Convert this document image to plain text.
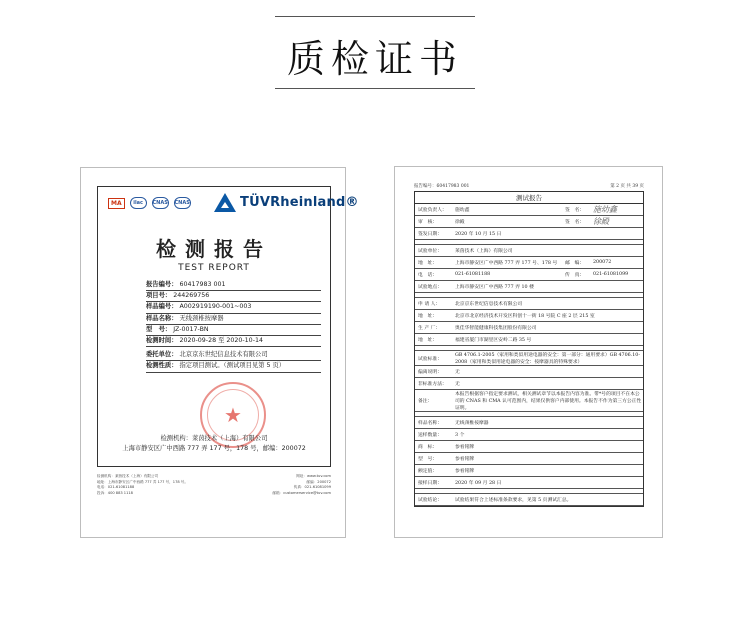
质检证书
MA	ilac	CNAS CNAS	TÜVRheinland®
检测报告
TEST REPORT
报告编号： 60417983 001
项目号： 244269756
样品编号： A002919190-001~003
样品名称： 无线颈椎按摩器
型　号： JZ-0017-BN
检测时间： 2020-09-28 至 2020-10-14
委托单位： 北京京东世纪信息技术有限公司
检测性质： 指定项目测试。（测试项目见第 5 页）
★
检测机构：莱茵技术（上海）有限公司
上海市静安区广中西路 777 弄 177 号，178 号，邮编：200072
检测机构：莱茵技术（上海）有限公司	网址：www.tuv.com
地址：上海市静安区广中西路 777 弄 177 号，178 号。	邮编：200072
电话：021-61081188	传真：021-61081099
投诉：400 883 1118	邮箱：customerservice@tuv.com
报告编号：60417983 001	第 2 页 共 39 页
测试报告
试验负责人：	施幼鑫	签　名：	施幼鑫
审　核：	徐殿	签　名：	徐殿
签发日期：	2020 年 10 月 15 日
试验单位：	莱茵技术（上海）有限公司
地　址：	上海市静安区广中西路 777 弄 177 号、178 号	邮　编：	200072
电　话：	021-61081188	传　真：	021-61081099
试验地点：	上海市静安区广中西路 777 弄 10 楼
申 请 人：	北京京东世纪信息技术有限公司
地　址：	北京市北京经济技术开发区科创十一街 18 号院 C 座 2 层 215 室
生 产 厂：	奥佳华智能健康科技集团股份有限公司
地　址：	福建省厦门市湖里区安岭二路 35 号
试验标准：
GB 4706.1-2005（家用和类似用途电器的安全：第一部分：通用要求）GB 4706.10-2008（家用和类似用途电器的安全：按摩器具的特殊要求）
偏离说明：	无
非标准方法：	无
备注：
本报告根据客户指定要求测试，相关测试章节以本报告内容为准。带*号的项目不在本公司的 CNAS 和 CMA 认可范围内，结果仅供客户内部使用。本报告不作为第三方公正性证明。
样品名称：	无线颈椎按摩器
送样数量：	3 个
商　标：	参看铭牌
型　号：	参看铭牌
额定值：	参看铭牌
接样日期：	2020 年 09 月 28 日
试验结论：	试验结果符合上述标准条款要求，见第 5 页测试汇总。
